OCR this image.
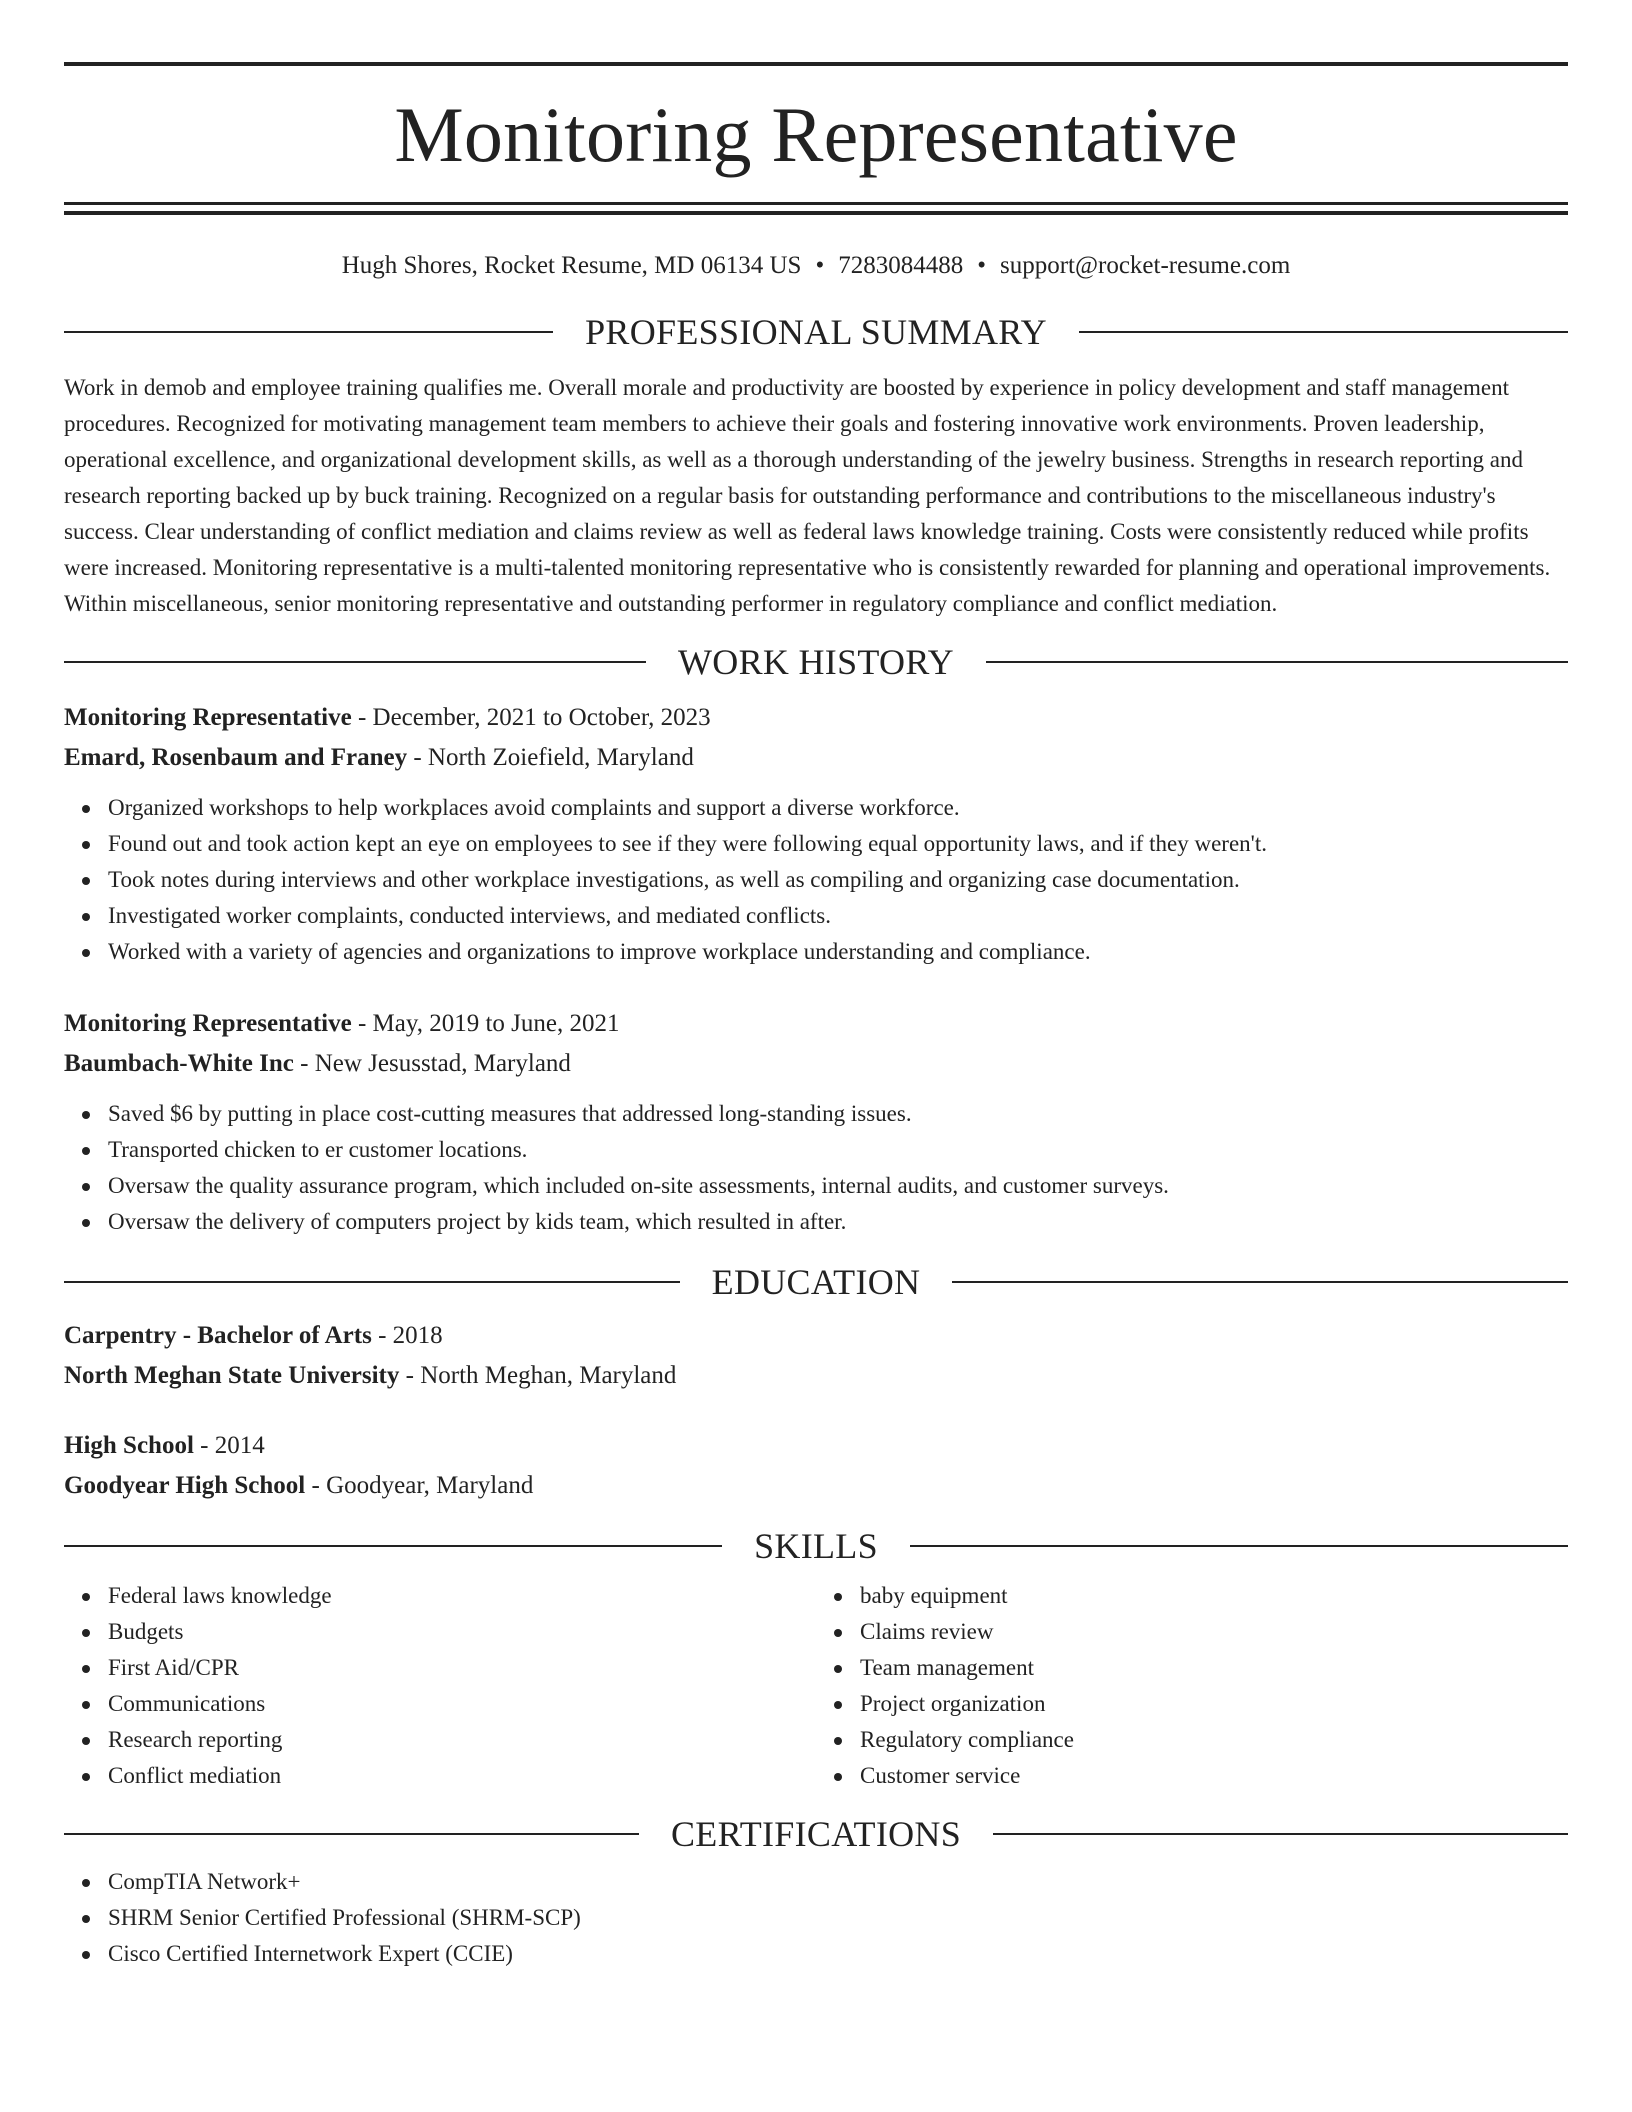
Monitoring Representative
Hugh Shores, Rocket Resume, MD 06134 US • 7283084488 • support@rocket-resume.com
PROFESSIONAL SUMMARY

Work in demob and employee training qualifies me. Overall morale and productivity are boosted by experience in policy development and staff management procedures. Recognized for motivating management team members to achieve their goals and fostering innovative work environments. Proven leadership, operational excellence, and organizational development skills, as well as a thorough understanding of the jewelry business. Strengths in research reporting and research reporting backed up by buck training. Recognized on a regular basis for outstanding performance and contributions to the miscellaneous industry's success. Clear understanding of conflict mediation and claims review as well as federal laws knowledge training. Costs were consistently reduced while profits were increased. Monitoring representative is a multi-talented monitoring representative who is consistently rewarded for planning and operational improvements. Within miscellaneous, senior monitoring representative and outstanding performer in regulatory compliance and conflict mediation.

WORK HISTORY
Monitoring Representative - December, 2021 to October, 2023
Emard, Rosenbaum and Franey - North Zoiefield, Maryland
Organized workshops to help workplaces avoid complaints and support a diverse workforce.
Found out and took action kept an eye on employees to see if they were following equal opportunity laws, and if they weren't.
Took notes during interviews and other workplace investigations, as well as compiling and organizing case documentation.
Investigated worker complaints, conducted interviews, and mediated conflicts.
Worked with a variety of agencies and organizations to improve workplace understanding and compliance.
Monitoring Representative - May, 2019 to June, 2021
Baumbach-White Inc - New Jesusstad, Maryland
Saved $6 by putting in place cost-cutting measures that addressed long-standing issues.
Transported chicken to er customer locations.
Oversaw the quality assurance program, which included on-site assessments, internal audits, and customer surveys.
Oversaw the delivery of computers project by kids team, which resulted in after.
EDUCATION
Carpentry - Bachelor of Arts - 2018
North Meghan State University - North Meghan, Maryland
High School - 2014
Goodyear High School - Goodyear, Maryland
SKILLS
Federal laws knowledge
Budgets
First Aid/CPR
Communications
Research reporting
Conflict mediation
baby equipment
Claims review
Team management
Project organization
Regulatory compliance
Customer service
CERTIFICATIONS
CompTIA Network+
SHRM Senior Certified Professional (SHRM-SCP)
Cisco Certified Internetwork Expert (CCIE)
